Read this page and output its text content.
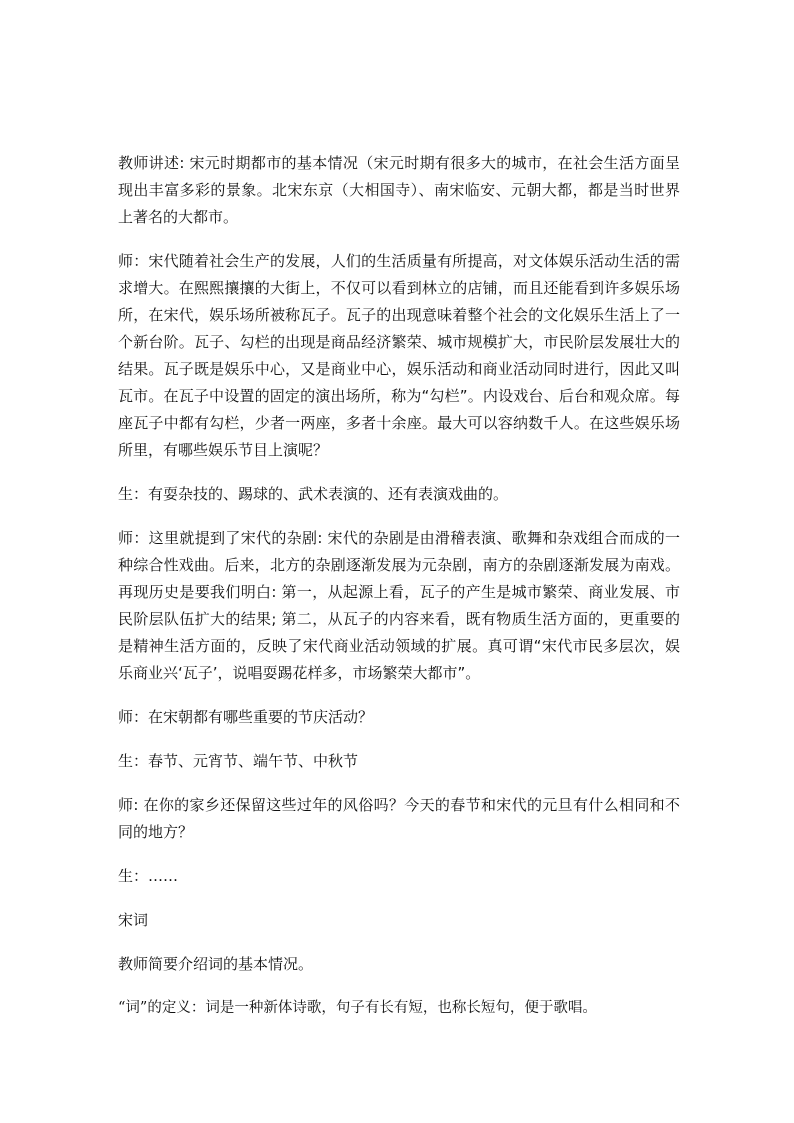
教师讲述: 宋元时期都市的基本情况（宋元时期有很多大的城市，在社会生活方面呈现出丰富多彩的景象。北宋东京（大相国寺）、南宋临安、元朝大都，都是当时世界上著名的大都市。

师：宋代随着社会生产的发展，人们的生活质量有所提高，对文体娱乐活动生活的需求增大。在熙熙攘攘的大街上，不仅可以看到林立的店铺，而且还能看到许多娱乐场所，在宋代，娱乐场所被称瓦子。瓦子的出现意味着整个社会的文化娱乐生活上了一个新台阶。瓦子、勾栏的出现是商品经济繁荣、城市规模扩大，市民阶层发展壮大的结果。瓦子既是娱乐中心，又是商业中心，娱乐活动和商业活动同时进行，因此又叫瓦市。在瓦子中设置的固定的演出场所，称为“勾栏”。内设戏台、后台和观众席。每座瓦子中都有勾栏，少者一两座，多者十余座。最大可以容纳数千人。在这些娱乐场所里，有哪些娱乐节目上演呢？

生：有耍杂技的、踢球的、武术表演的、还有表演戏曲的。

师：这里就提到了宋代的杂剧: 宋代的杂剧是由滑稽表演、歌舞和杂戏组合而成的一种综合性戏曲。后来，北方的杂剧逐渐发展为元杂剧，南方的杂剧逐渐发展为南戏。再现历史是要我们明白: 第一，从起源上看，瓦子的产生是城市繁荣、商业发展、市民阶层队伍扩大的结果; 第二，从瓦子的内容来看，既有物质生活方面的，更重要的是精神生活方面的，反映了宋代商业活动领域的扩展。真可谓“宋代市民多层次，娱乐商业兴‘瓦子’，说唱耍踢花样多，市场繁荣大都市”。

师：在宋朝都有哪些重要的节庆活动？

生：春节、元宵节、端午节、中秋节

师: 在你的家乡还保留这些过年的风俗吗？今天的春节和宋代的元旦有什么相同和不同的地方？

生：……

宋词

教师简要介绍词的基本情况。

“词”的定义：词是一种新体诗歌，句子有长有短，也称长短句，便于歌唱。
